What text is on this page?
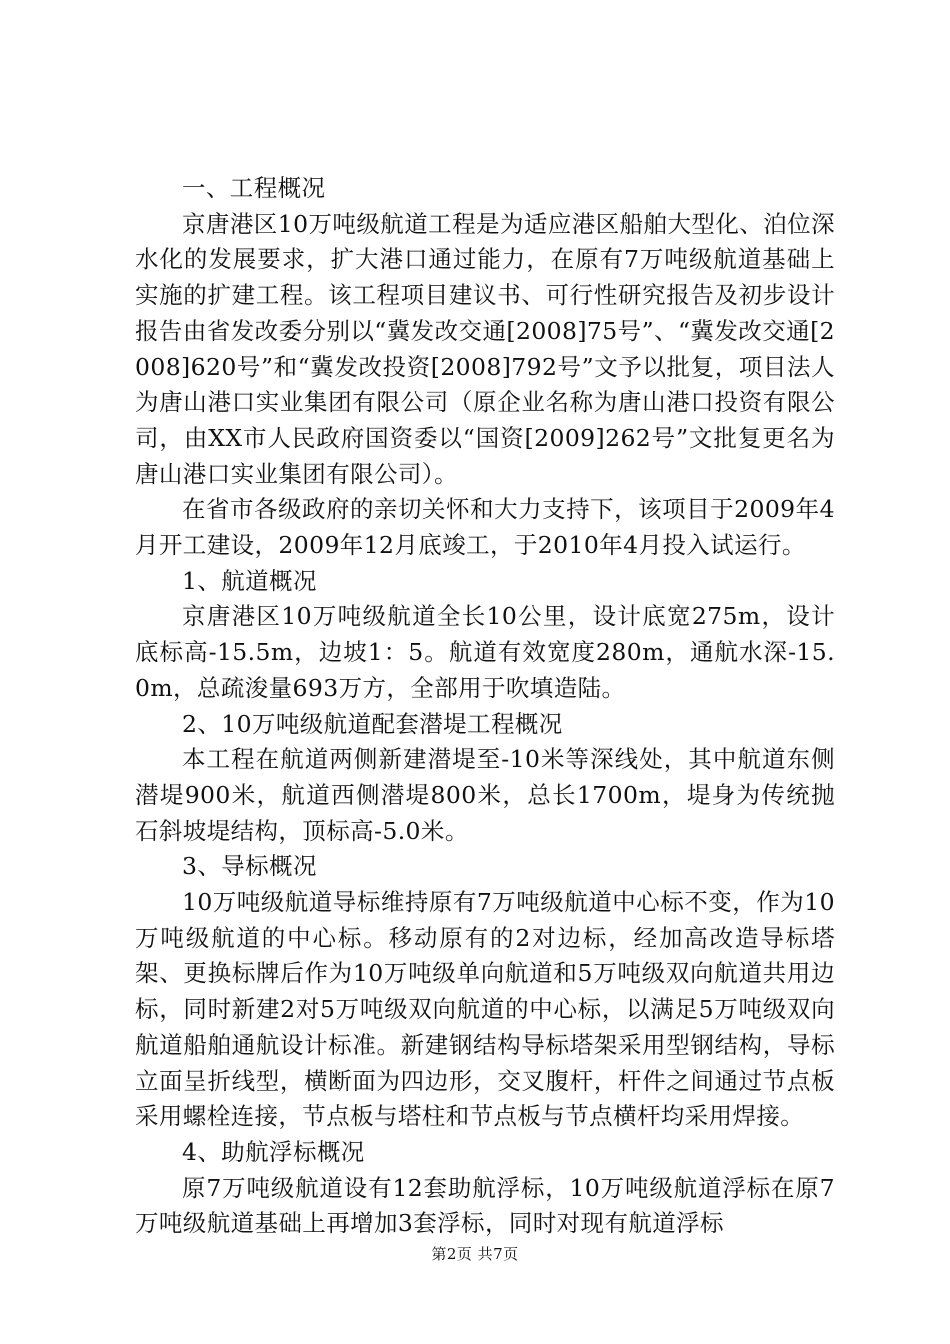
一、工程概况

京唐港区10万吨级航道工程是为适应港区船舶大型化、泊位深水化的发展要求，扩大港口通过能力，在原有7万吨级航道基础上实施的扩建工程。该工程项目建议书、可行性研究报告及初步设计报告由省发改委分别以“冀发改交通[2008]75号”、“冀发改交通[2008]620号”和“冀发改投资[2008]792号”文予以批复，项目法人为唐山港口实业集团有限公司（原企业名称为唐山港口投资有限公司，由XX市人民政府国资委以“国资[2009]262号”文批复更名为唐山港口实业集团有限公司）。

在省市各级政府的亲切关怀和大力支持下，该项目于2009年4月开工建设，2009年12月底竣工，于2010年4月投入试运行。

1、航道概况

京唐港区10万吨级航道全长10公里，设计底宽275m，设计底标高-15.5m，边坡1：5。航道有效宽度280m，通航水深-15.0m，总疏浚量693万方，全部用于吹填造陆。

2、10万吨级航道配套潜堤工程概况

本工程在航道两侧新建潜堤至-10米等深线处，其中航道东侧潜堤900米，航道西侧潜堤800米，总长1700m，堤身为传统抛石斜坡堤结构，顶标高-5.0米。

3、导标概况

10万吨级航道导标维持原有7万吨级航道中心标不变，作为10万吨级航道的中心标。移动原有的2对边标，经加高改造导标塔架、更换标牌后作为10万吨级单向航道和5万吨级双向航道共用边标，同时新建2对5万吨级双向航道的中心标，以满足5万吨级双向航道船舶通航设计标准。新建钢结构导标塔架采用型钢结构，导标立面呈折线型，横断面为四边形，交叉腹杆，杆件之间通过节点板采用螺栓连接，节点板与塔柱和节点板与节点横杆均采用焊接。

4、助航浮标概况

原7万吨级航道设有12套助航浮标，10万吨级航道浮标在原7万吨级航道基础上再增加3套浮标，同时对现有航道浮标

第2页 共7页
